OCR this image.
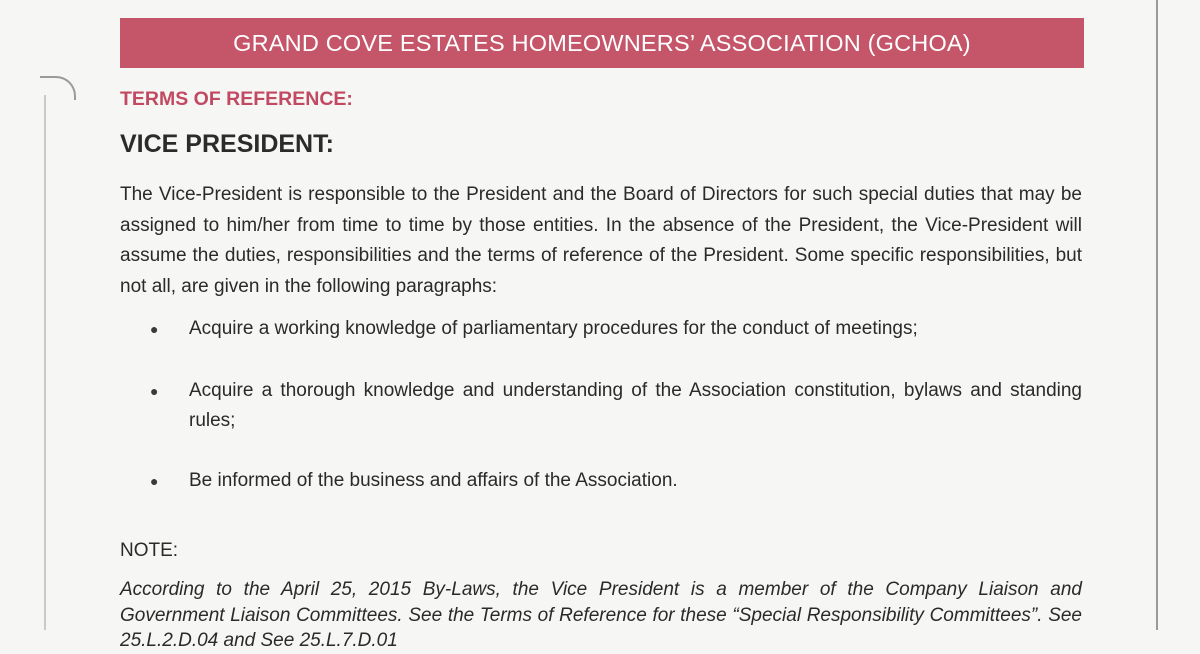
GRAND COVE ESTATES HOMEOWNERS’ ASSOCIATION (GCHOA)
TERMS OF REFERENCE:
VICE PRESIDENT:

The Vice-President is responsible to the President and the Board of Directors for such special duties that may be assigned to him/her from time to time by those entities. In the absence of the President, the Vice-President will assume the duties, responsibilities and the terms of reference of the President. Some specific responsibilities, but not all, are given in the following paragraphs:

● Acquire a working knowledge of parliamentary procedures for the conduct of meetings;
● Acquire a thorough knowledge and understanding of the Association constitution, bylaws and standing rules;
● Be informed of the business and affairs of the Association.
NOTE:

According to the April 25, 2015 By-Laws, the Vice President is a member of the Company Liaison and Government Liaison Committees. See the Terms of Reference for these “Special Responsibility Committees”. See 25.L.2.D.04 and See 25.L.7.D.01
